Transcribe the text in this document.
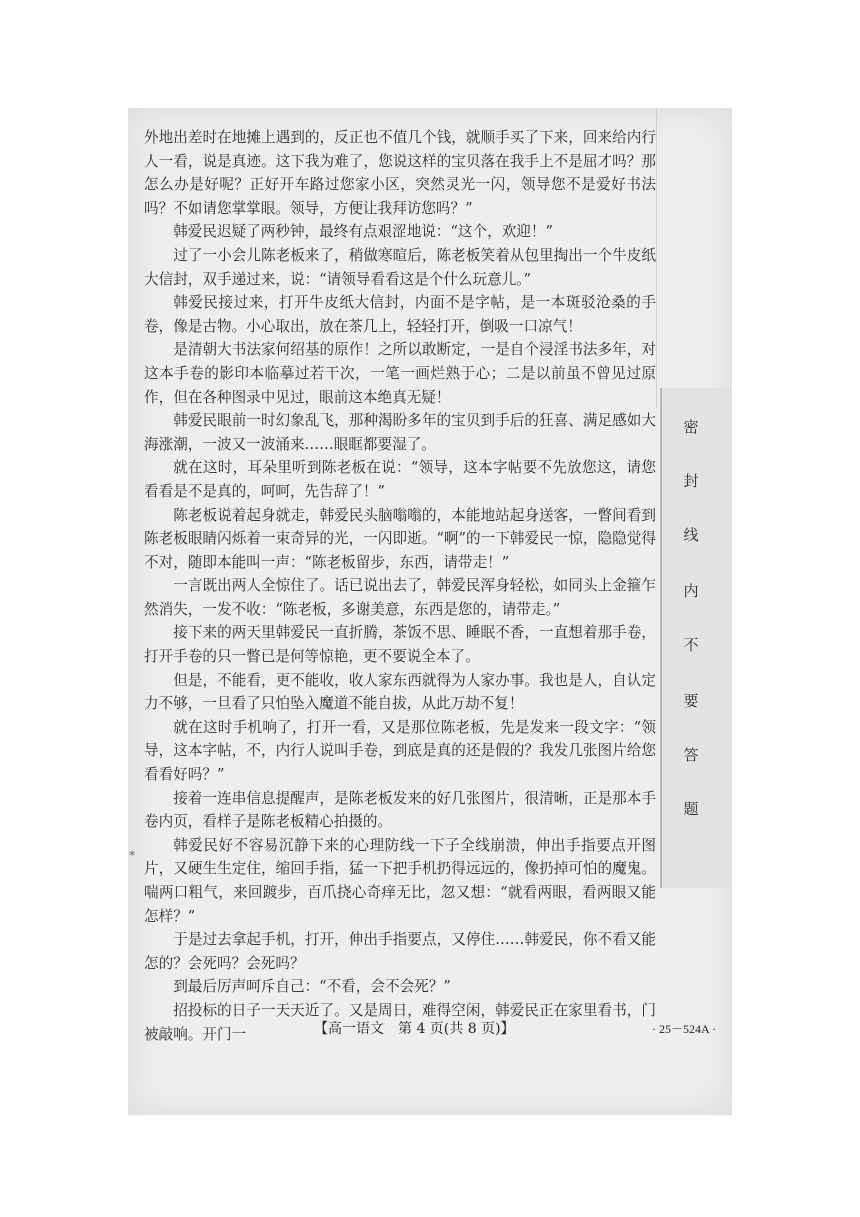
外地出差时在地摊上遇到的，反正也不值几个钱，就顺手买了下来，回来给内行人一看，说是真迹。这下我为难了，您说这样的宝贝落在我手上不是屈才吗？那怎么办是好呢？正好开车路过您家小区，突然灵光一闪，领导您不是爱好书法吗？不如请您掌掌眼。领导，方便让我拜访您吗？”

韩爱民迟疑了两秒钟，最终有点艰涩地说：“这个，欢迎！”

过了一小会儿陈老板来了，稍做寒暄后，陈老板笑着从包里掏出一个牛皮纸大信封，双手递过来，说：“请领导看看这是个什么玩意儿。”

韩爱民接过来，打开牛皮纸大信封，内面不是字帖，是一本斑驳沧桑的手卷，像是古物。小心取出，放在茶几上，轻轻打开，倒吸一口凉气！

是清朝大书法家何绍基的原作！之所以敢断定，一是自个浸淫书法多年，对这本手卷的影印本临摹过若干次，一笔一画烂熟于心；二是以前虽不曾见过原作，但在各种图录中见过，眼前这本绝真无疑！

韩爱民眼前一时幻象乱飞，那种渴盼多年的宝贝到手后的狂喜、满足感如大海涨潮，一波又一波涌来……眼眶都要湿了。

就在这时，耳朵里听到陈老板在说：“领导，这本字帖要不先放您这，请您看看是不是真的，呵呵，先告辞了！”

陈老板说着起身就走，韩爱民头脑嗡嗡的，本能地站起身送客，一瞥间看到陈老板眼睛闪烁着一束奇异的光，一闪即逝。“啊”的一下韩爱民一惊，隐隐觉得不对，随即本能叫一声：“陈老板留步，东西，请带走！”

一言既出两人全惊住了。话已说出去了，韩爱民浑身轻松，如同头上金箍乍然消失，一发不收：“陈老板，多谢美意，东西是您的，请带走。”

接下来的两天里韩爱民一直折腾，茶饭不思、睡眠不香，一直想着那手卷，打开手卷的只一瞥已是何等惊艳，更不要说全本了。

但是，不能看，更不能收，收人家东西就得为人家办事。我也是人，自认定力不够，一旦看了只怕坠入魔道不能自拔，从此万劫不复！

就在这时手机响了，打开一看，又是那位陈老板，先是发来一段文字：“领导，这本字帖，不，内行人说叫手卷，到底是真的还是假的？我发几张图片给您看看好吗？”

接着一连串信息提醒声，是陈老板发来的好几张图片，很清晰，正是那本手卷内页，看样子是陈老板精心拍摄的。

韩爱民好不容易沉静下来的心理防线一下子全线崩溃，伸出手指要点开图片，又硬生生定住，缩回手指，猛一下把手机扔得远远的，像扔掉可怕的魔鬼。喘两口粗气，来回踱步，百爪挠心奇痒无比，忽又想：“就看两眼，看两眼又能怎样？”

于是过去拿起手机，打开，伸出手指要点，又停住……韩爱民，你不看又能怎的？会死吗？会死吗？

到最后厉声呵斥自己：“不看，会不会死？”

招投标的日子一天天近了。又是周日，难得空闲，韩爱民正在家里看书，门被敲响。开门一

密
封
线
内
不
要
答
题
∗
【高一语文　第 4 页(共 8 页)】	· 25－524A ·
